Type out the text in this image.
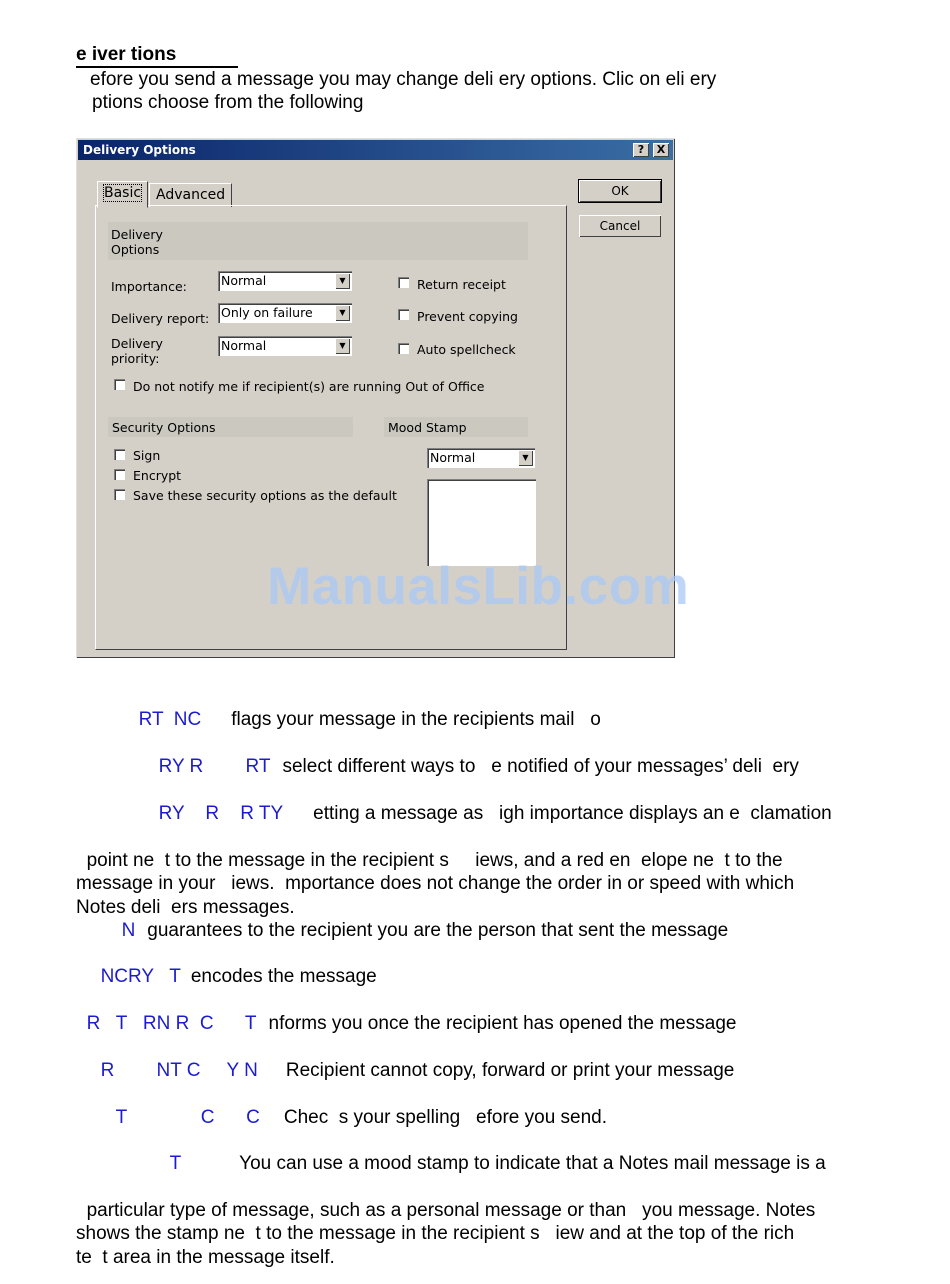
e iver tions
efore you send a message you may change deli ery options. Clic on eli ery
ptions choose from the following
Delivery Options	?	X
Basic	Advanced	OK
Cancel
Delivery
Options
Importance:	Normal	▼
Delivery report: Only on failure	▼
Delivery
priority:
Normal	▼
Return receipt
Prevent copying
Auto spellcheck
Do not notify me if recipient(s) are running Out of Office
Security Options	Mood Stamp
Sign
Encrypt
Save these security options as the default
Normal	▼
ManualsLib.com

RT  NC flags your message in the recipients mail   o

RY R        RT select different ways to   e notified of your messages’ deli  ery

RY    R    R TY etting a message as   igh importance displays an e  clamation

point ne  t to the message in the recipient s     iews, and a red en  elope ne  t to the
message in your   iews.  mportance does not change the order in or speed with which
Notes deli  ers messages.

N guarantees to the recipient you are the person that sent the message

NCRY   T encodes the message

R   T   RN R  C      T nforms you once the recipient has opened the message

R        NT C     Y N Recipient cannot copy, forward or print your message

T              C      C Chec  s your spelling   efore you send.

T	You can use a mood stamp to indicate that a Notes mail message is a

particular type of message, such as a personal message or than   you message. Notes
shows the stamp ne  t to the message in the recipient s   iew and at the top of the rich
te  t area in the message itself.
